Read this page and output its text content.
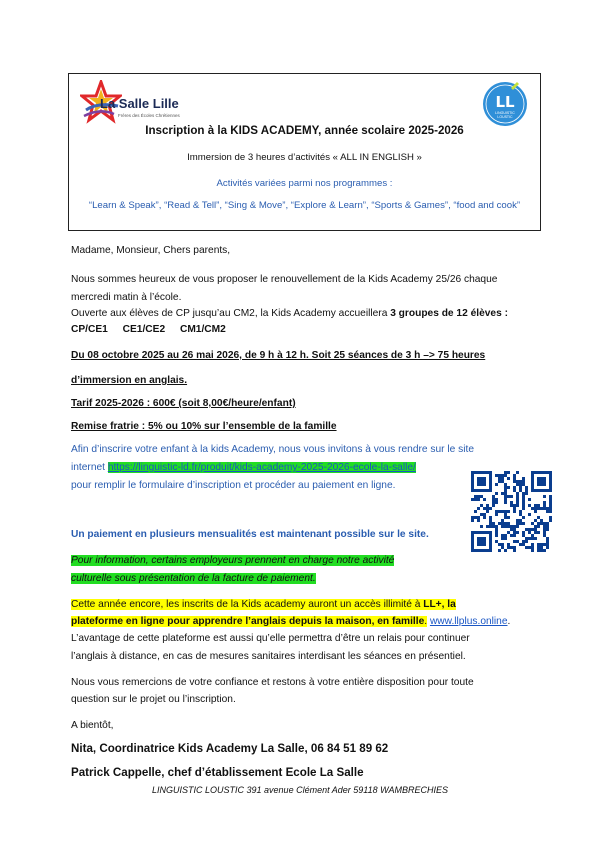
La Salle Lille
Frères des Écoles Chrétiennes
LL
LINGUISTIC LOUSTIC
Inscription à la KIDS ACADEMY, année scolaire 2025-2026
Immersion de 3 heures d’activités « ALL IN ENGLISH »
Activités variées parmi nos programmes :
“Learn & Speak”, “Read & Tell”, “Sing & Move”, “Explore & Learn”, “Sports & Games”, “food and cook”
Madame, Monsieur, Chers parents,
Nous sommes heureux de vous proposer le renouvellement de la Kids Academy 25/26 chaque
mercredi matin à l’école.
Ouverte aux élèves de CP jusqu’au CM2, la Kids Academy accueillera 3 groupes de 12 élèves :
CP/CE1 CE1/CE2 CM1/CM2
Du 08 octobre 2025 au 26 mai 2026, de 9 h à 12 h. Soit 25 séances de 3 h –> 75 heures
d’immersion en anglais.
Tarif 2025-2026 : 600€ (soit 8,00€/heure/enfant)
Remise fratrie : 5% ou 10% sur l’ensemble de la famille
Afin d’inscrire votre enfant à la kids Academy, nous vous invitons à vous rendre sur le site
internet https://linguistic-ld.fr/produit/kids-academy-2025-2026-ecole-la-salle/
pour remplir le formulaire d’inscription et procéder au paiement en ligne.
Un paiement en plusieurs mensualités est maintenant possible sur le site.
Pour information, certains employeurs prennent en charge notre activité
culturelle sous présentation de la facture de paiement.
Cette année encore, les inscrits de la Kids academy auront un accès illimité à LL+, la
plateforme en ligne pour apprendre l’anglais depuis la maison, en famille. www.llplus.online.
L’avantage de cette plateforme est aussi qu’elle permettra d’être un relais pour continuer
l’anglais à distance, en cas de mesures sanitaires interdisant les séances en présentiel.
Nous vous remercions de votre confiance et restons à votre entière disposition pour toute
question sur le projet ou l’inscription.
A bientôt,
Nita, Coordinatrice Kids Academy La Salle, 06 84 51 89 62
Patrick Cappelle, chef d’établissement Ecole La Salle
LINGUISTIC LOUSTIC 391 avenue Clément Ader 59118 WAMBRECHIES
